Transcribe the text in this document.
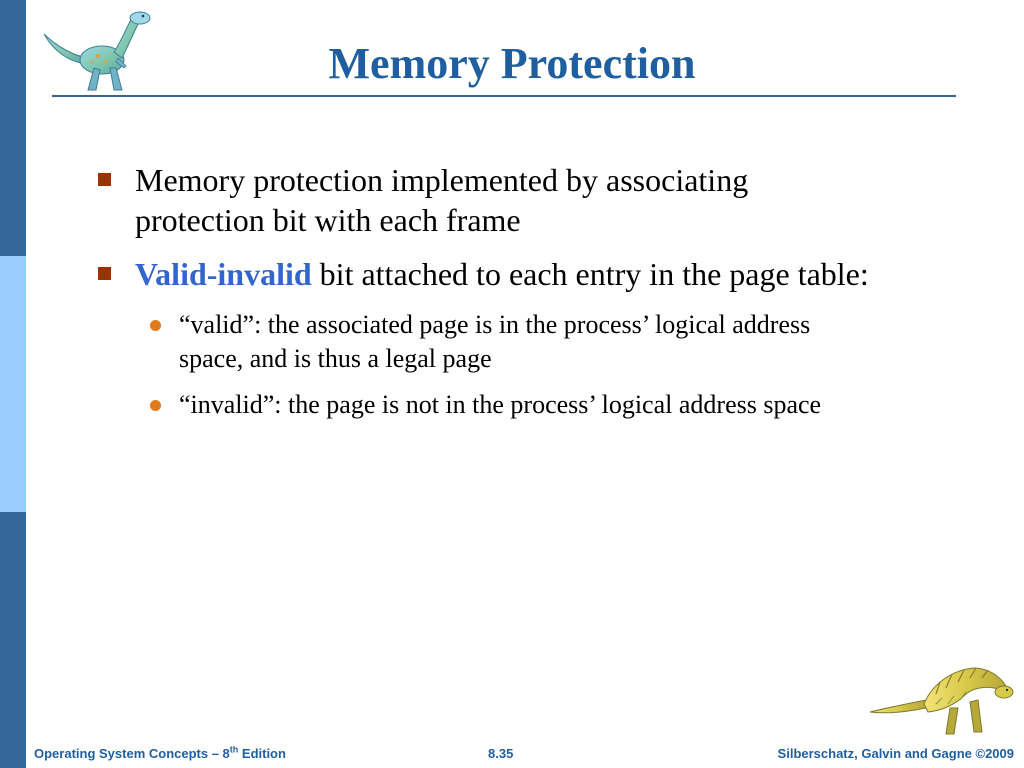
Memory Protection
Memory protection implemented by associating protection bit with each frame
Valid-invalid bit attached to each entry in the page table:
“valid”: the associated page is in the process’ logical address space, and is thus a legal page
“invalid”: the page is not in the process’ logical address space
Operating System Concepts – 8th Edition	8.35	Silberschatz, Galvin and Gagne ©2009
